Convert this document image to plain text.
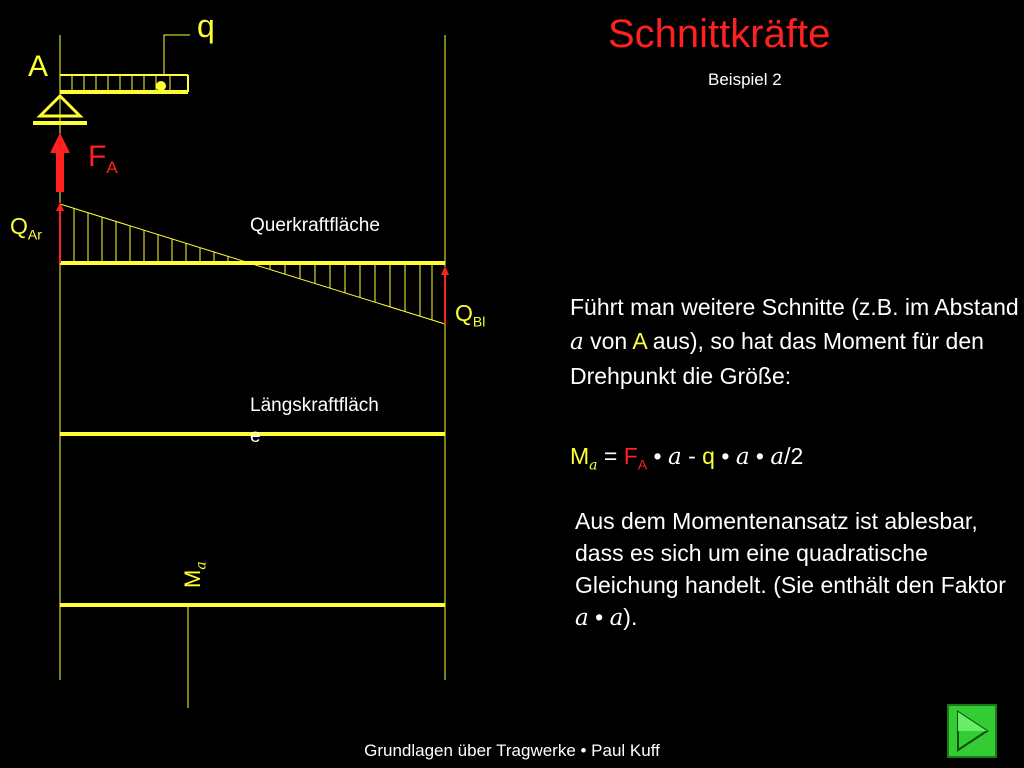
q
A
$F_A$
$Q_{Ar}$
$Q_{Bl}$
Querkraftfläche
Längskraftfläch
e
$M_𝑎$
Schnittkräfte
Beispiel 2
Führt man weitere Schnitte (z.B. im Abstand 𝑎 von A aus), so hat das Moment für den Drehpunkt die Größe:
$M_𝑎 = F_A$ • 𝑎 - q • 𝑎 • 𝑎/2
Aus dem Momentenansatz ist ablesbar, dass es sich um eine quadratische Gleichung handelt. (Sie enthält den Faktor 𝑎 • 𝑎).
Grundlagen über Tragwerke • Paul Kuff
